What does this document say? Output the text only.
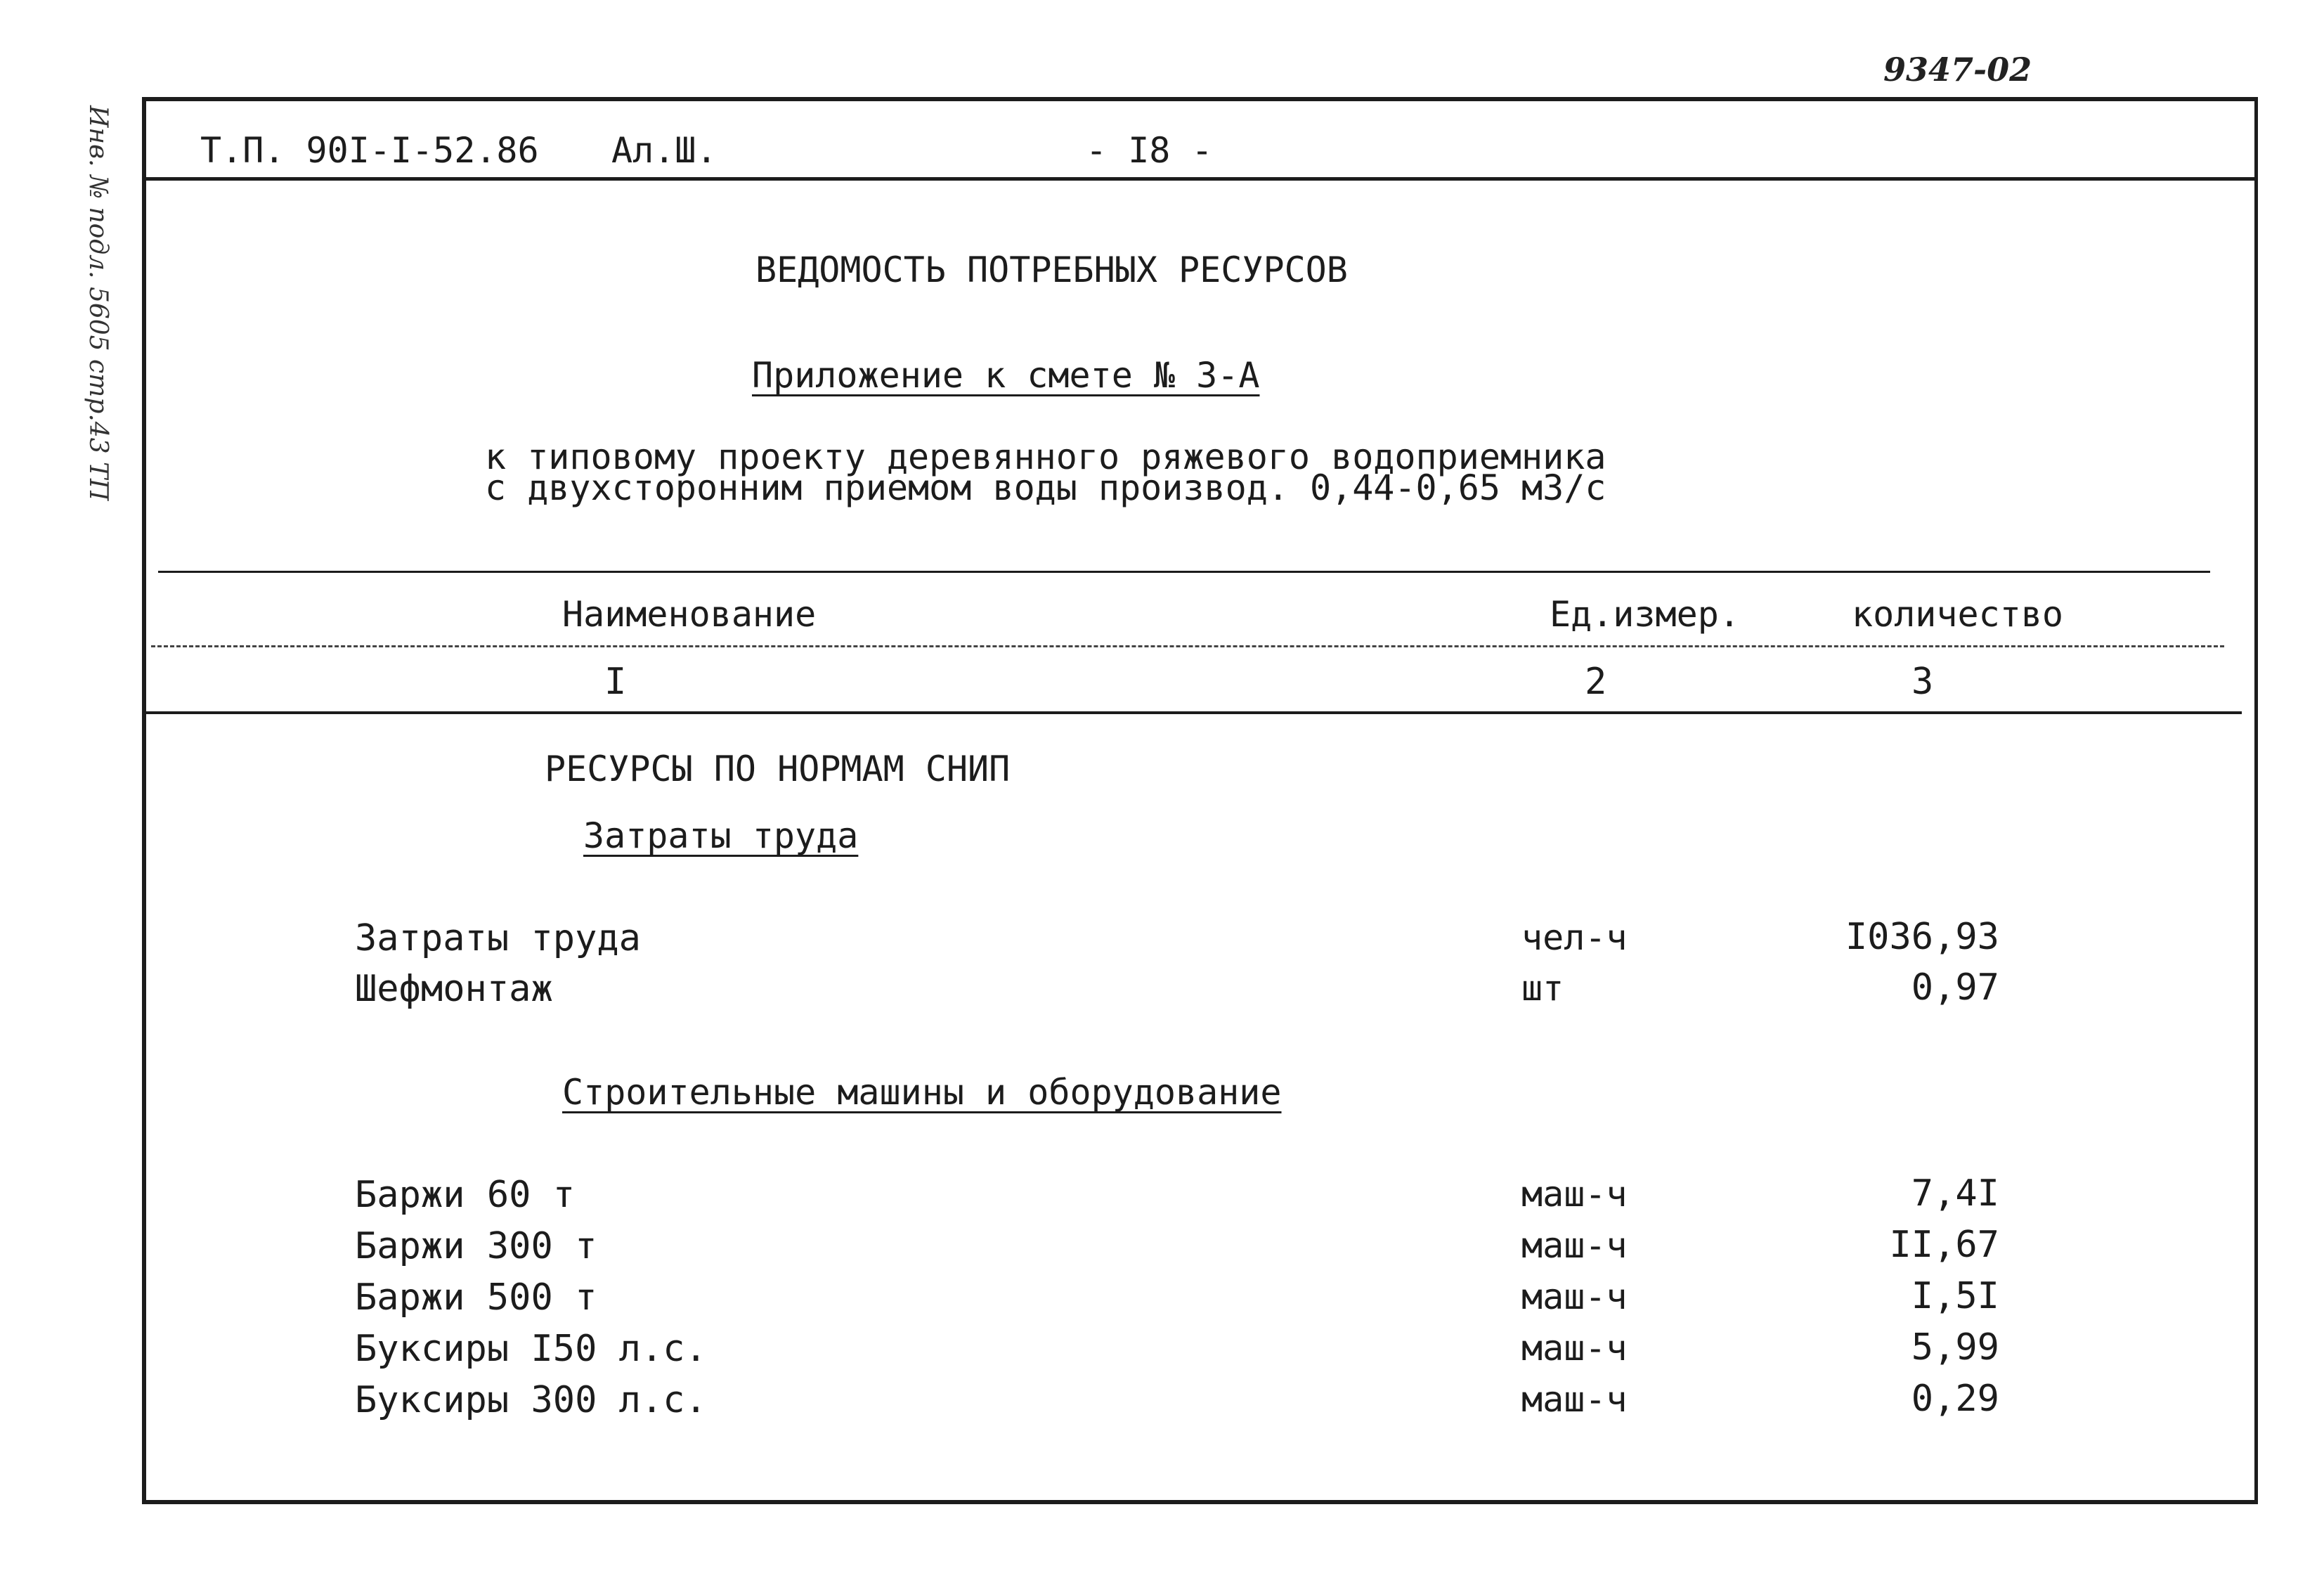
9347-02
Инв. № подл. 5605 стр.43 ТП	Т.П. 90I-I-52.86 Ал.Ш.	- I8 -
ВЕДОМОСТЬ ПОТРЕБНЫХ РЕСУРСОВ
Приложение к смете № 3-А
к типовому проекту деревянного ряжевого водоприемника
с двухсторонним приемом воды производ. 0,44-0,65 м3/с
Наименование	Ед.измер.	количество
I	2	3
РЕСУРСЫ ПО НОРМАМ СНИП
Затраты труда
Затраты труда	чел-ч	I036,93
Шефмонтаж	шт	0,97
Строительные машины и оборудование
Баржи 60 т	маш-ч	7,4I
Баржи 300 т	маш-ч	II,67
Баржи 500 т	маш-ч	I,5I
Буксиры I50 л.с.	маш-ч	5,99
Буксиры 300 л.с.	маш-ч	0,29
